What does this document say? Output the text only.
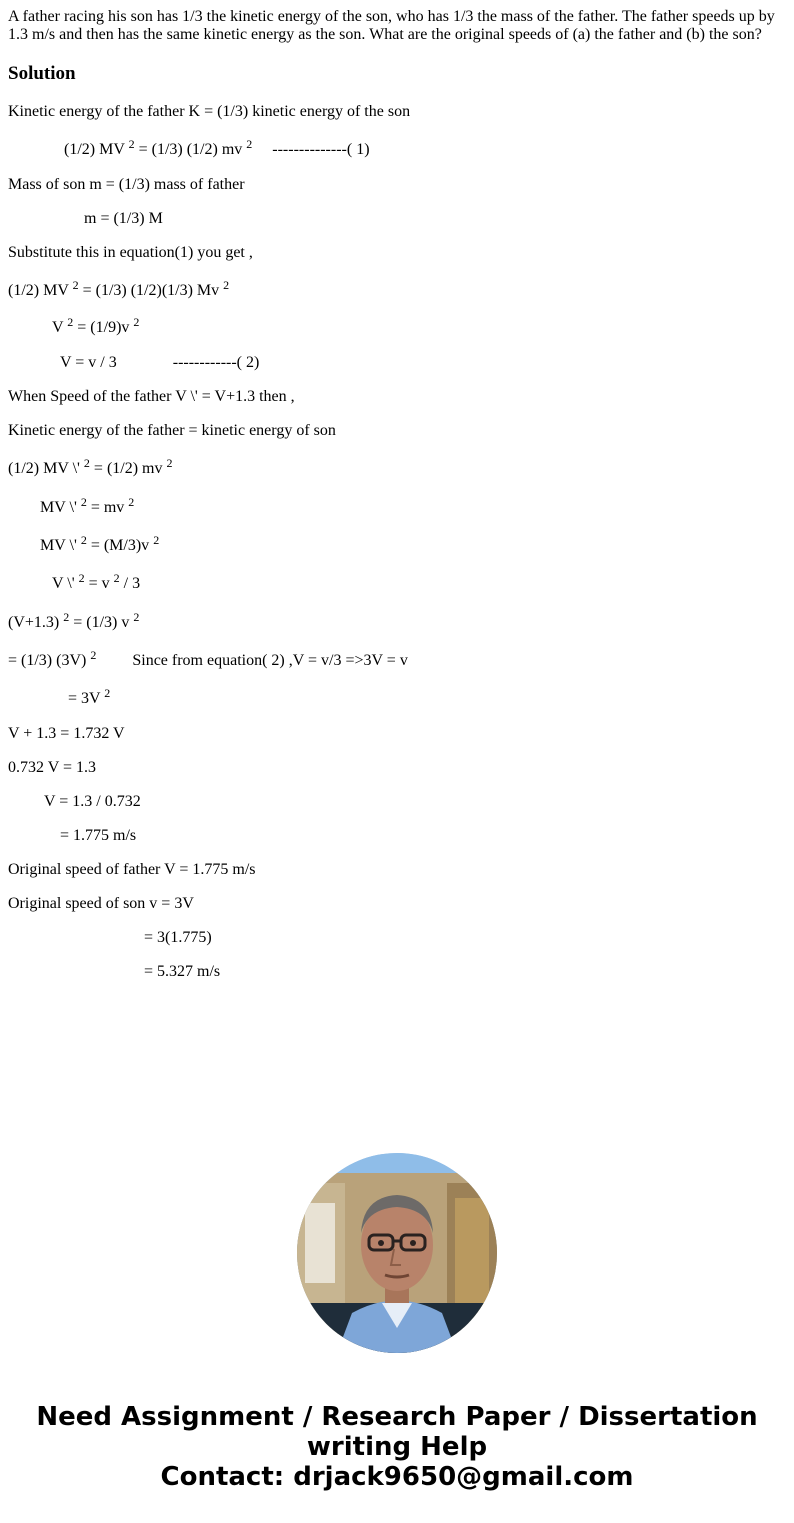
A father racing his son has 1/3 the kinetic energy of the son, who has 1/3 the mass of the father. The father speeds up by 1.3 m/s and then has the same kinetic energy as the son. What are the original speeds of (a) the father and (b) the son?

Solution
Kinetic energy of the father K = (1/3) kinetic energy of the son
(1/2) MV $^2$ = (1/3) (1/2) mv $^2$     --------------( 1)
Mass of son m = (1/3) mass of father
m = (1/3) M
Substitute this in equation(1) you get ,
(1/2) MV $^2$ = (1/3) (1/2)(1/3) Mv $^2$
V $^2$ = (1/9)v $^2$
V = v / 3              ------------( 2)
When Speed of the father V \' = V+1.3 then ,
Kinetic energy of the father = kinetic energy of son
(1/2) MV \' $^2$ = (1/2) mv $^2$
MV \' $^2$ = mv $^2$
MV \' $^2$ = (M/3)v $^2$
V \' $^2$ = v $^2$ / 3
(V+1.3) $^2$ = (1/3) v $^2$
= (1/3) (3V) $^2$         Since from equation( 2) ,V = v/3 =>3V = v
= 3V $^2$
V + 1.3 = 1.732 V
0.732 V = 1.3
V = 1.3 / 0.732
= 1.775 m/s
Original speed of father V = 1.775 m/s
Original speed of son v = 3V
= 3(1.775)
= 5.327 m/s
Need Assignment / Research Paper / Dissertation
writing Help
Contact: drjack9650@gmail.com
